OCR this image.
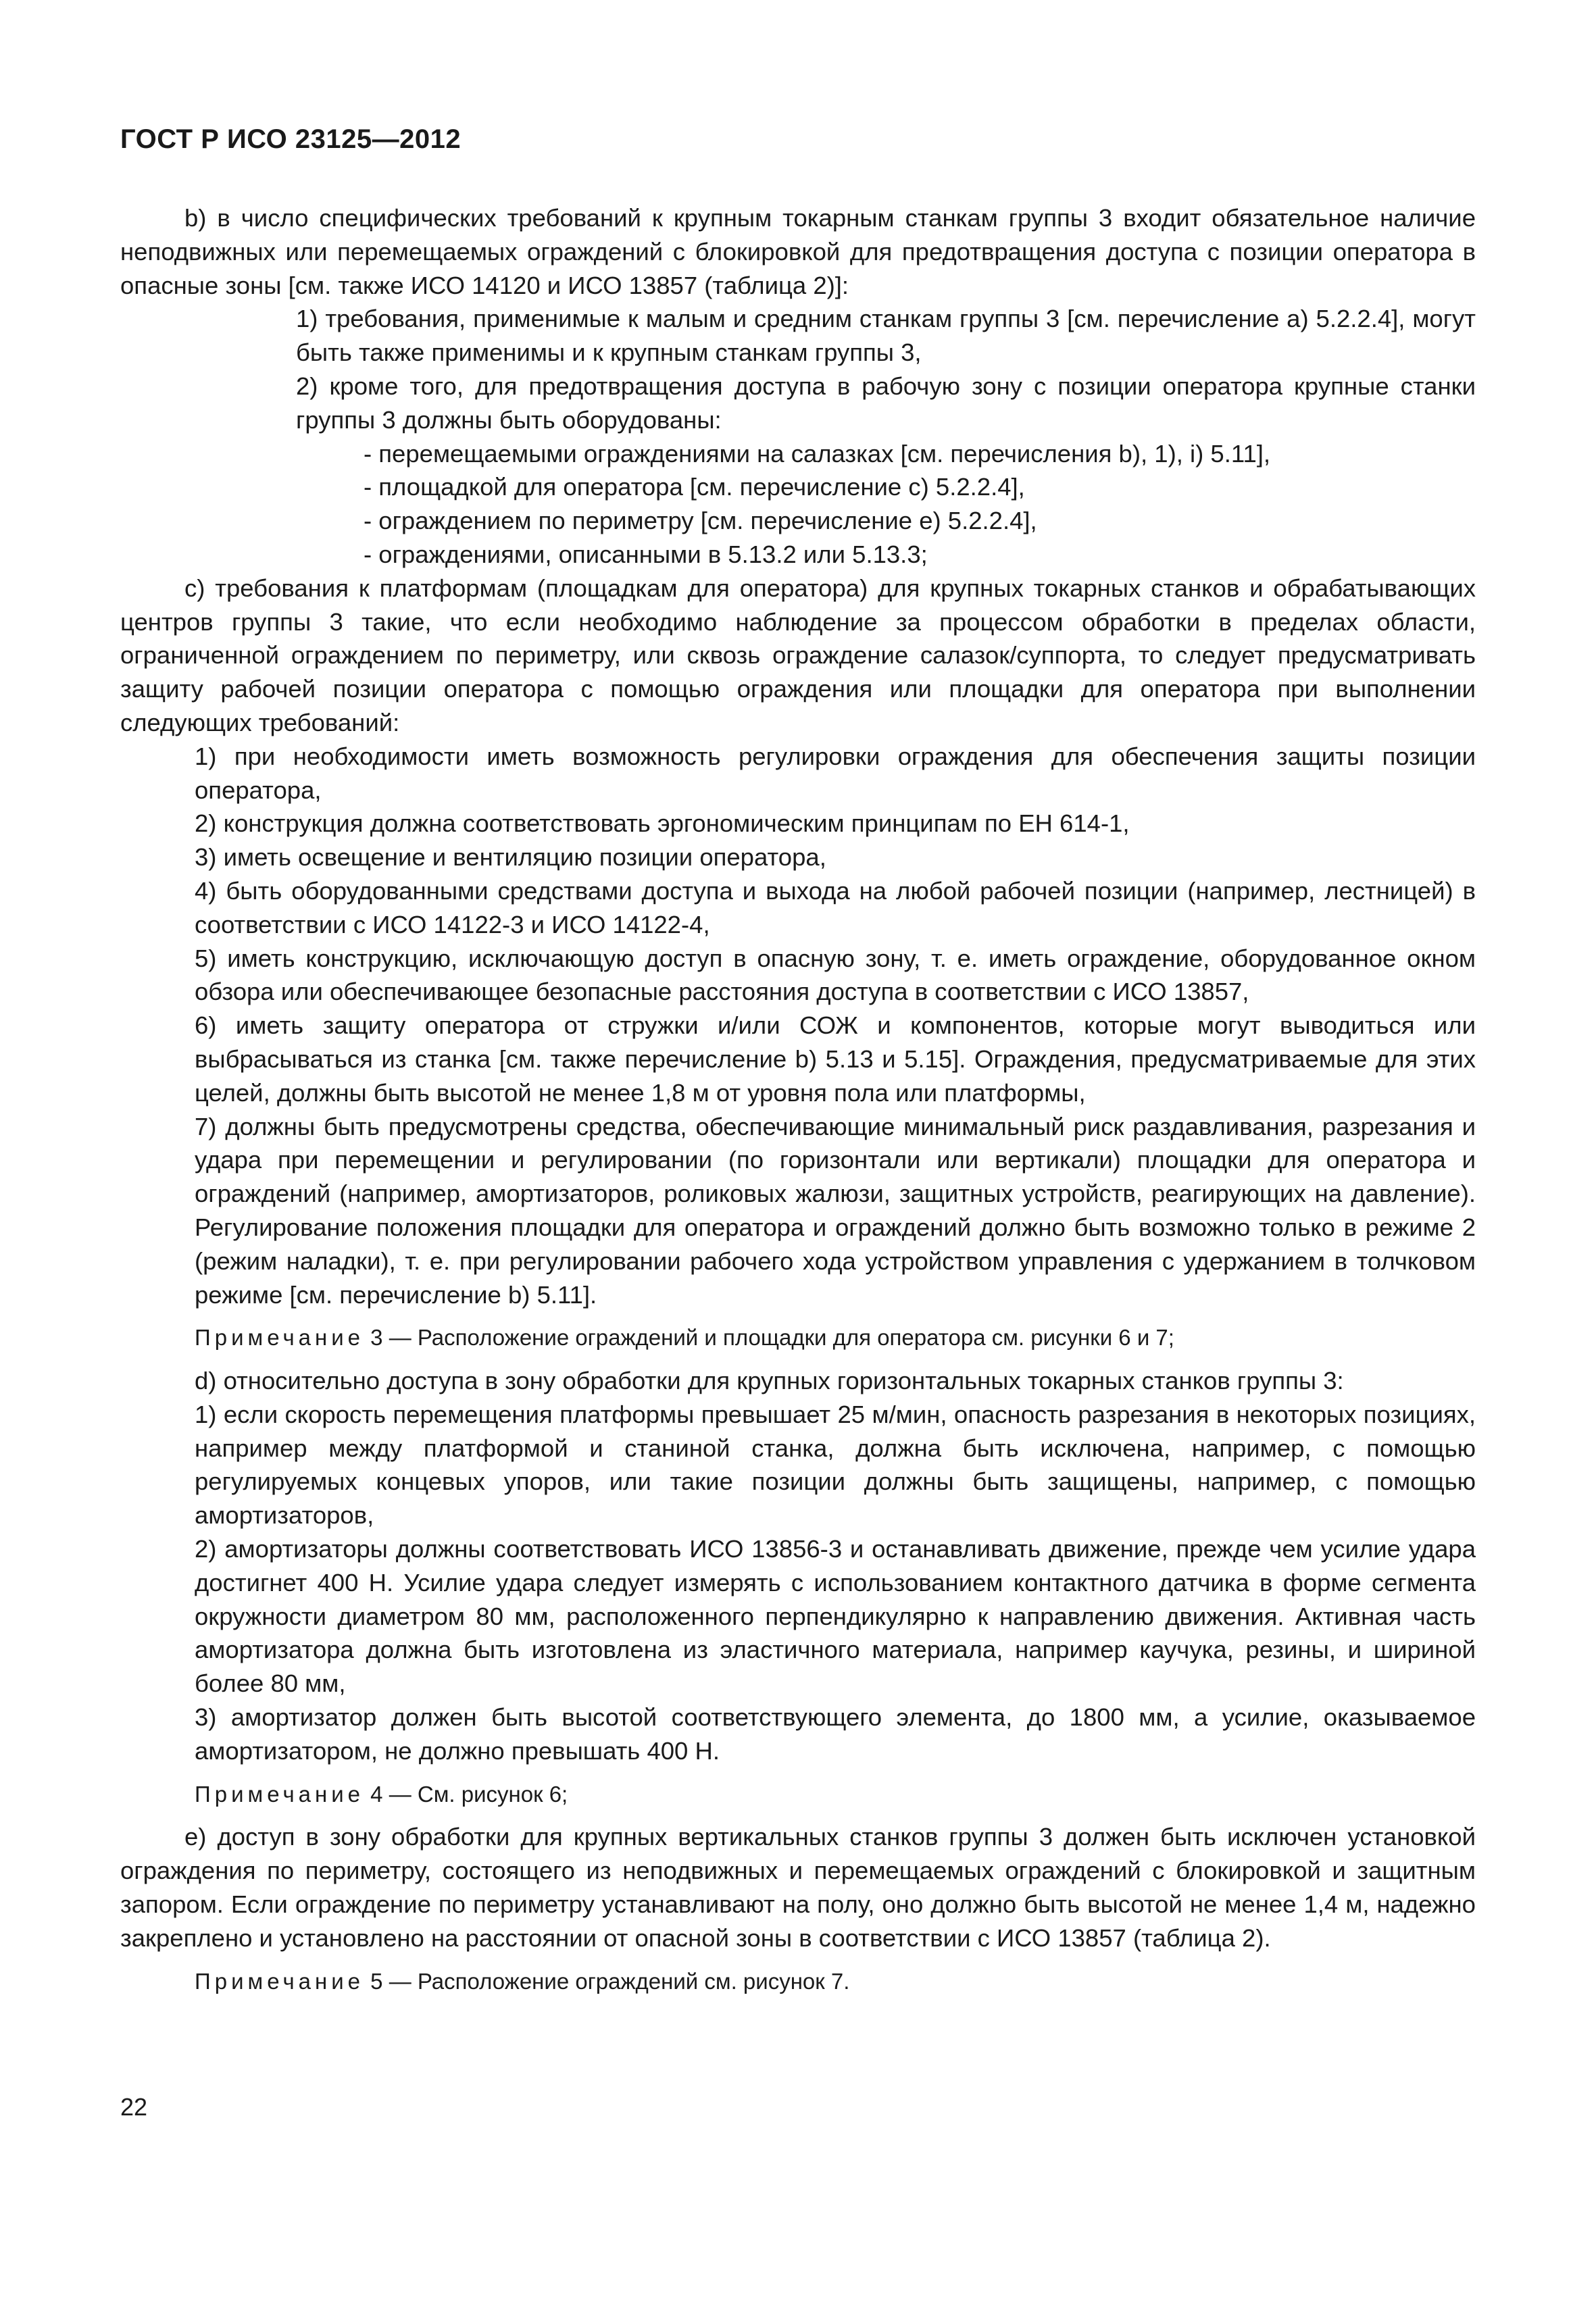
ГОСТ Р ИСО 23125—2012

b) в число специфических требований к крупным токарным станкам группы 3 входит обязательное наличие неподвижных или перемещаемых ограждений с блокировкой для предотвращения доступа с позиции оператора в опасные зоны [см. также ИСО 14120 и ИСО 13857 (таблица 2)]:

1) требования, применимые к малым и средним станкам группы 3 [см. перечисление а) 5.2.2.4], могут быть также применимы и к крупным станкам группы 3,

2) кроме того, для предотвращения доступа в рабочую зону с позиции оператора крупные станки группы 3 должны быть оборудованы:

- перемещаемыми ограждениями на салазках [см. перечисления b), 1), i) 5.11],

- площадкой для оператора [см. перечисление с) 5.2.2.4],

- ограждением по периметру [см. перечисление е) 5.2.2.4],

- ограждениями, описанными в 5.13.2 или 5.13.3;

с) требования к платформам (площадкам для оператора) для крупных токарных станков и обрабатывающих центров группы 3 такие, что если необходимо наблюдение за процессом обработки в пределах области, ограниченной ограждением по периметру, или сквозь ограждение салазок/суппорта, то следует предусматривать защиту рабочей позиции оператора с помощью ограждения или площадки для оператора при выполнении следующих требований:

1) при необходимости иметь возможность регулировки ограждения для обеспечения защиты позиции оператора,

2) конструкция должна соответствовать эргономическим принципам по ЕН 614-1,

3) иметь освещение и вентиляцию позиции оператора,

4) быть оборудованными средствами доступа и выхода на любой рабочей позиции (например, лестницей) в соответствии с ИСО 14122-3 и ИСО 14122-4,

5) иметь конструкцию, исключающую доступ в опасную зону, т. е. иметь ограждение, оборудованное окном обзора или обеспечивающее безопасные расстояния доступа в соответствии с ИСО 13857,

6) иметь защиту оператора от стружки и/или СОЖ и компонентов, которые могут выводиться или выбрасываться из станка [см. также перечисление b) 5.13 и 5.15]. Ограждения, предусматриваемые для этих целей, должны быть высотой не менее 1,8 м от уровня пола или платформы,

7) должны быть предусмотрены средства, обеспечивающие минимальный риск раздавливания, разрезания и удара при перемещении и регулировании (по горизонтали или вертикали) площадки для оператора и ограждений (например, амортизаторов, роликовых жалюзи, защитных устройств, реагирующих на давление). Регулирование положения площадки для оператора и ограждений должно быть возможно только в режиме 2 (режим наладки), т. е. при регулировании рабочего хода устройством управления с удержанием в толчковом режиме [см. перечисление b) 5.11].

Примечание 3 — Расположение ограждений и площадки для оператора см. рисунки 6 и 7;

d) относительно доступа в зону обработки для крупных горизонтальных токарных станков группы 3:

1) если скорость перемещения платформы превышает 25 м/мин, опасность разрезания в некоторых позициях, например между платформой и станиной станка, должна быть исключена, например, с помощью регулируемых концевых упоров, или такие позиции должны быть защищены, например, с помощью амортизаторов,

2) амортизаторы должны соответствовать ИСО 13856-3 и останавливать движение, прежде чем усилие удара достигнет 400 Н. Усилие удара следует измерять с использованием контактного датчика в форме сегмента окружности диаметром 80 мм, расположенного перпендикулярно к направлению движения. Активная часть амортизатора должна быть изготовлена из эластичного материала, например каучука, резины, и шириной более 80 мм,

3) амортизатор должен быть высотой соответствующего элемента, до 1800 мм, а усилие, оказываемое амортизатором, не должно превышать 400 Н.

Примечание 4 — См. рисунок 6;

е) доступ в зону обработки для крупных вертикальных станков группы 3 должен быть исключен установкой ограждения по периметру, состоящего из неподвижных и перемещаемых ограждений с блокировкой и защитным запором. Если ограждение по периметру устанавливают на полу, оно должно быть высотой не менее 1,4 м, надежно закреплено и установлено на расстоянии от опасной зоны в соответствии с ИСО 13857 (таблица 2).

Примечание 5 — Расположение ограждений см. рисунок 7.

22
